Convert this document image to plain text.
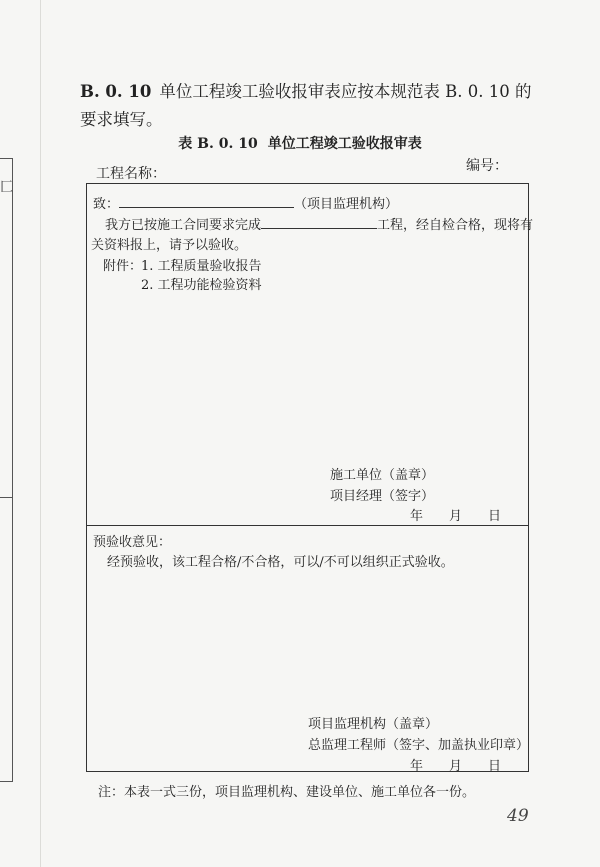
匚
B. 0. 10 单位工程竣工验收报审表应按本规范表 B. 0. 10 的要求填写。
表 B. 0. 10 单位工程竣工验收报审表
工程名称：	编号：
致：	（项目监理机构）
我方已按施工合同要求完成	工程，经自检合格，现将有
关资料报上，请予以验收。
附件：
1. 工程质量验收报告
2. 工程功能检验资料
施工单位（盖章）
项目经理（签字）
年　　月　　日
预验收意见：
经预验收，该工程合格/不合格，可以/不可以组织正式验收。
项目监理机构（盖章）
总监理工程师（签字、加盖执业印章）
年　　月　　日
注：本表一式三份，项目监理机构、建设单位、施工单位各一份。
49
